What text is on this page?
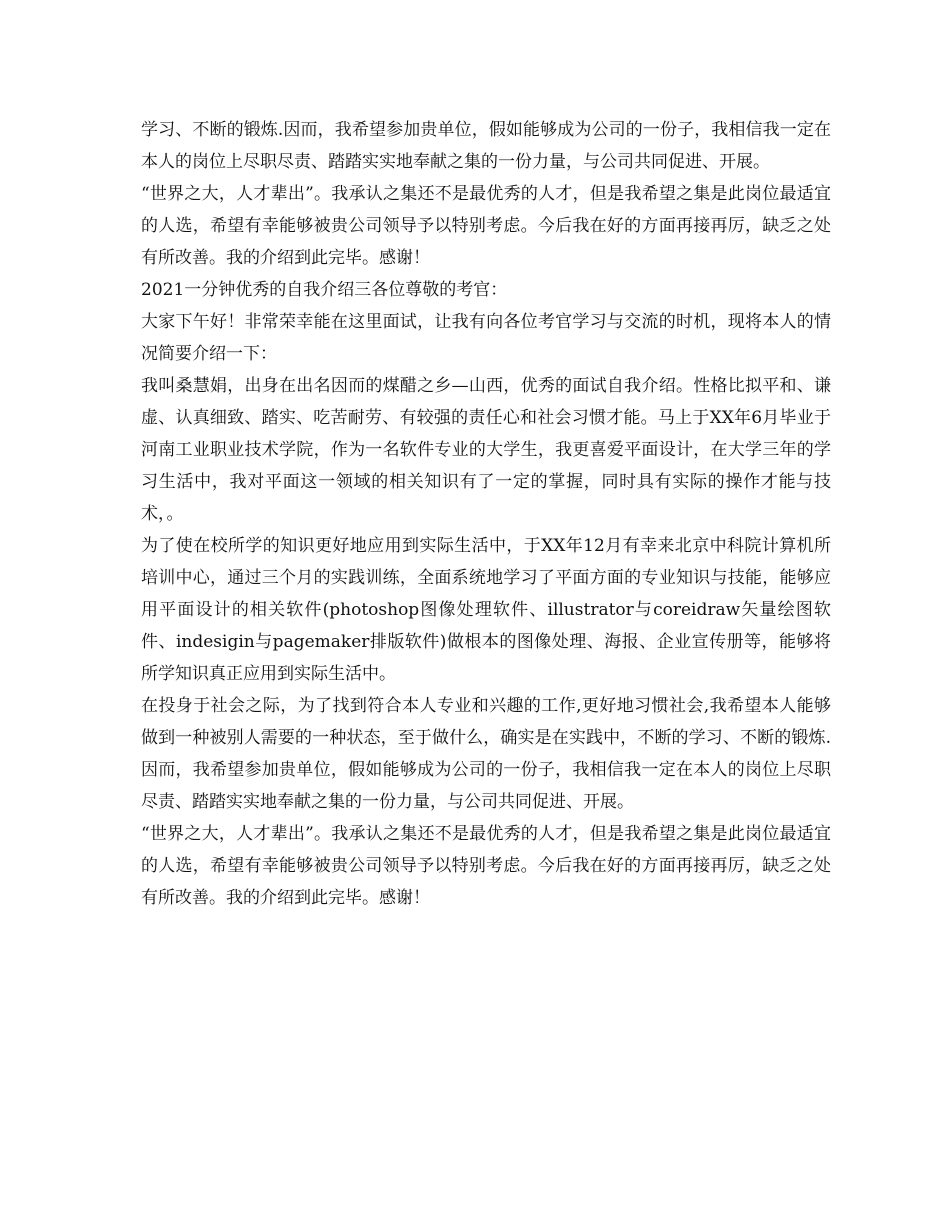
学习、不断的锻炼.因而，我希望参加贵单位，假如能够成为公司的一份子，我相信我一定在本人的岗位上尽职尽责、踏踏实实地奉献之集的一份力量，与公司共同促进、开展。

“世界之大，人才辈出”。我承认之集还不是最优秀的人才，但是我希望之集是此岗位最适宜的人选，希望有幸能够被贵公司领导予以特别考虑。今后我在好的方面再接再厉，缺乏之处有所改善。我的介绍到此完毕。感谢！

2021一分钟优秀的自我介绍三各位尊敬的考官：

大家下午好！非常荣幸能在这里面试，让我有向各位考官学习与交流的时机，现将本人的情况简要介绍一下：

我叫桑慧娟，出身在出名因而的煤醋之乡—山西，优秀的面试自我介绍。性格比拟平和、谦虚、认真细致、踏实、吃苦耐劳、有较强的责任心和社会习惯才能。马上于XX年6月毕业于河南工业职业技术学院，作为一名软件专业的大学生，我更喜爱平面设计，在大学三年的学习生活中，我对平面这一领域的相关知识有了一定的掌握，同时具有实际的操作才能与技术，。

为了使在校所学的知识更好地应用到实际生活中，于XX年12月有幸来北京中科院计算机所培训中心，通过三个月的实践训练，全面系统地学习了平面方面的专业知识与技能，能够应用平面设计的相关软件(photoshop图像处理软件、illustrator与coreidraw矢量绘图软件、indesigin与pagemaker排版软件)做根本的图像处理、海报、企业宣传册等，能够将所学知识真正应用到实际生活中。

在投身于社会之际，为了找到符合本人专业和兴趣的工作,更好地习惯社会,我希望本人能够做到一种被别人需要的一种状态，至于做什么，确实是在实践中，不断的学习、不断的锻炼.因而，我希望参加贵单位，假如能够成为公司的一份子，我相信我一定在本人的岗位上尽职尽责、踏踏实实地奉献之集的一份力量，与公司共同促进、开展。

“世界之大，人才辈出”。我承认之集还不是最优秀的人才，但是我希望之集是此岗位最适宜的人选，希望有幸能够被贵公司领导予以特别考虑。今后我在好的方面再接再厉，缺乏之处有所改善。我的介绍到此完毕。感谢！
